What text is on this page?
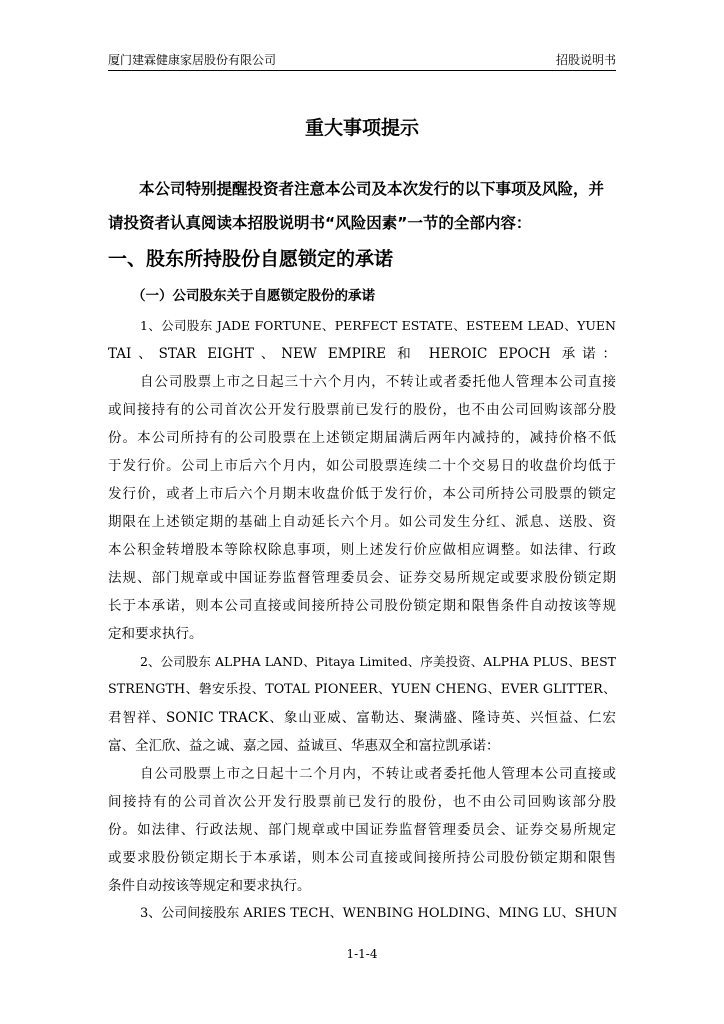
厦门建霖健康家居股份有限公司	招股说明书
重大事项提示
本公司特别提醒投资者注意本公司及本次发行的以下事项及风险，并请投资者认真阅读本招股说明书“风险因素”一节的全部内容：
一、股东所持股份自愿锁定的承诺
（一）公司股东关于自愿锁定股份的承诺
1、公司股东 JADE FORTUNE、PERFECT ESTATE、ESTEEM LEAD、YUEN
TAI、STAR EIGHT、NEW EMPIRE 和 HEROIC EPOCH 承诺：
自公司股票上市之日起三十六个月内，不转让或者委托他人管理本公司直接
或间接持有的公司首次公开发行股票前已发行的股份，也不由公司回购该部分股
份。本公司所持有的公司股票在上述锁定期届满后两年内减持的，减持价格不低
于发行价。公司上市后六个月内，如公司股票连续二十个交易日的收盘价均低于
发行价，或者上市后六个月期末收盘价低于发行价，本公司所持公司股票的锁定
期限在上述锁定期的基础上自动延长六个月。如公司发生分红、派息、送股、资
本公积金转增股本等除权除息事项，则上述发行价应做相应调整。如法律、行政
法规、部门规章或中国证券监督管理委员会、证券交易所规定或要求股份锁定期
长于本承诺，则本公司直接或间接所持公司股份锁定期和限售条件自动按该等规
定和要求执行。
2、公司股东 ALPHA LAND、Pitaya Limited、序美投资、ALPHA PLUS、BEST
STRENGTH、磐安乐投、TOTAL PIONEER、YUEN CHENG、EVER GLITTER、
君智祥、SONIC TRACK、象山亚威、富勒达、聚满盛、隆诗英、兴恒益、仁宏
富、全汇欣、益之诚、嘉之园、益诚亘、华惠双全和富拉凯承诺：
自公司股票上市之日起十二个月内，不转让或者委托他人管理本公司直接或
间接持有的公司首次公开发行股票前已发行的股份，也不由公司回购该部分股
份。如法律、行政法规、部门规章或中国证券监督管理委员会、证券交易所规定
或要求股份锁定期长于本承诺，则本公司直接或间接所持公司股份锁定期和限售
条件自动按该等规定和要求执行。
3、公司间接股东 ARIES TECH、WENBING HOLDING、MING LU、SHUN
1-1-4
